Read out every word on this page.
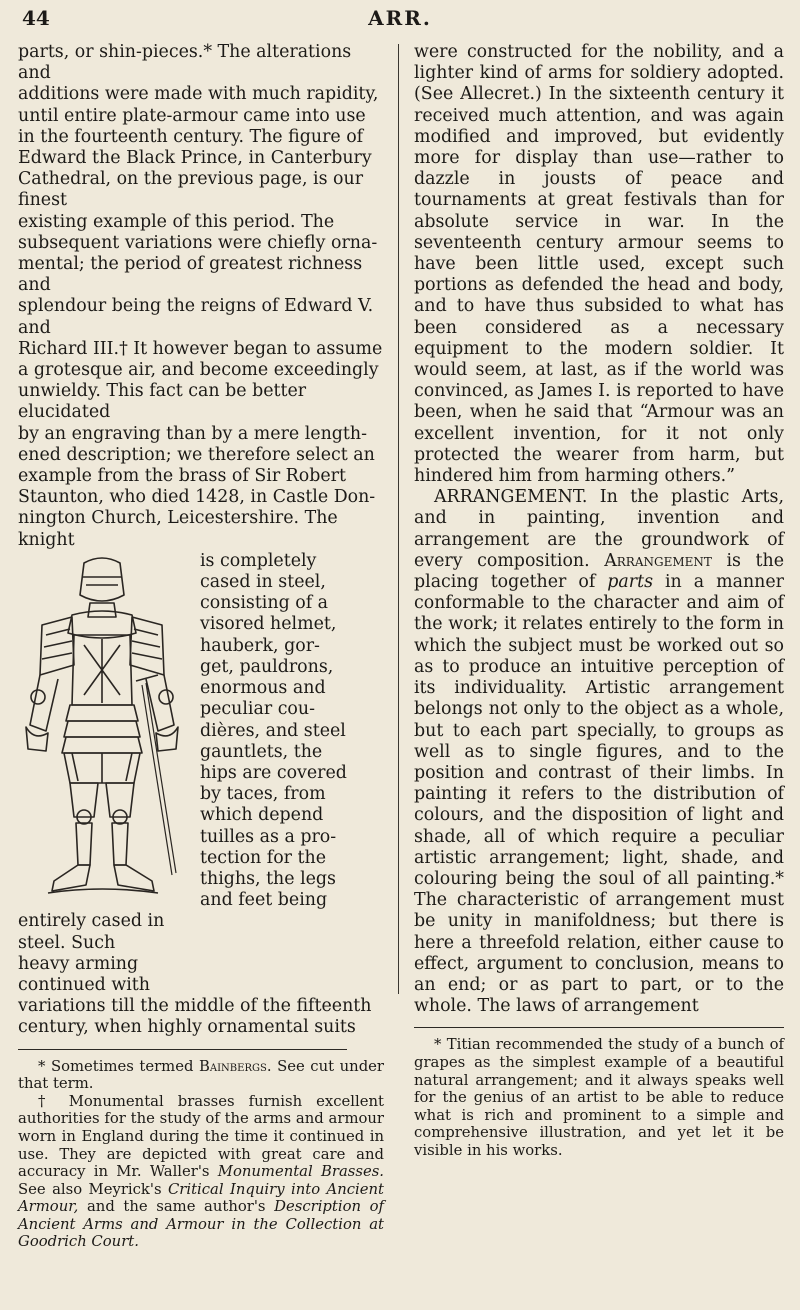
44	ARR.

parts, or shin-pieces.* The alterations and
additions were made with much rapidity,
until entire plate-armour came into use
in the fourteenth century. The figure of
Edward the Black Prince, in Canterbury
Cathedral, on the previous page, is our finest
existing example of this period. The
subsequent variations were chiefly orna-
mental; the period of greatest richness and
splendour being the reigns of Edward V. and
Richard III.† It however began to assume
a grotesque air, and become exceedingly
unwieldy. This fact can be better elucidated
by an engraving than by a mere length-
ened description; we therefore select an
example from the brass of Sir Robert
Staunton, who died 1428, in Castle Don-
nington Church, Leicestershire. The knight

is completely
cased in steel,
consisting of a
visored helmet,
hauberk, gor-
get, pauldrons,
enormous and
peculiar cou-
dières, and steel
gauntlets, the
hips are covered
by taces, from
which depend
tuilles as a pro-
tection for the
thighs, the legs
and feet being
entirely cased in
steel. Such
heavy arming
continued with

variations till the middle of the fifteenth
century, when highly ornamental suits

* Sometimes termed Bainbergs. See cut under that term.

† Monumental brasses furnish excellent authorities for the study of the arms and armour worn in England during the time it continued in use. They are depicted with great care and accuracy in Mr. Waller's Monumental Brasses. See also Meyrick's Critical Inquiry into Ancient Armour, and the same author's Description of Ancient Arms and Armour in the Collection at Goodrich Court.

were constructed for the nobility, and a lighter kind of arms for soldiery adopted. (See Allecret.) In the sixteenth century it received much attention, and was again modified and improved, but evidently more for display than use—rather to dazzle in jousts of peace and tournaments at great festivals than for absolute service in war. In the seventeenth century armour seems to have been little used, except such portions as defended the head and body, and to have thus subsided to what has been considered as a necessary equipment to the modern soldier. It would seem, at last, as if the world was convinced, as James I. is reported to have been, when he said that “Armour was an excellent invention, for it not only protected the wearer from harm, but hindered him from harming others.”

ARRANGEMENT. In the plastic Arts, and in painting, invention and arrangement are the groundwork of every composition. Arrangement is the placing together of parts in a manner conformable to the character and aim of the work; it relates entirely to the form in which the subject must be worked out so as to produce an intuitive perception of its individuality. Artistic arrangement belongs not only to the object as a whole, but to each part specially, to groups as well as to single figures, and to the position and contrast of their limbs. In painting it refers to the distribution of colours, and the disposition of light and shade, all of which require a peculiar artistic arrangement; light, shade, and colouring being the soul of all painting.* The characteristic of arrangement must be unity in manifoldness; but there is here a threefold relation, either cause to effect, argument to conclusion, means to an end; or as part to part, or to the whole. The laws of arrangement

* Titian recommended the study of a bunch of grapes as the simplest example of a beautiful natural arrangement; and it always speaks well for the genius of an artist to be able to reduce what is rich and prominent to a simple and comprehensive illustration, and yet let it be visible in his works.
